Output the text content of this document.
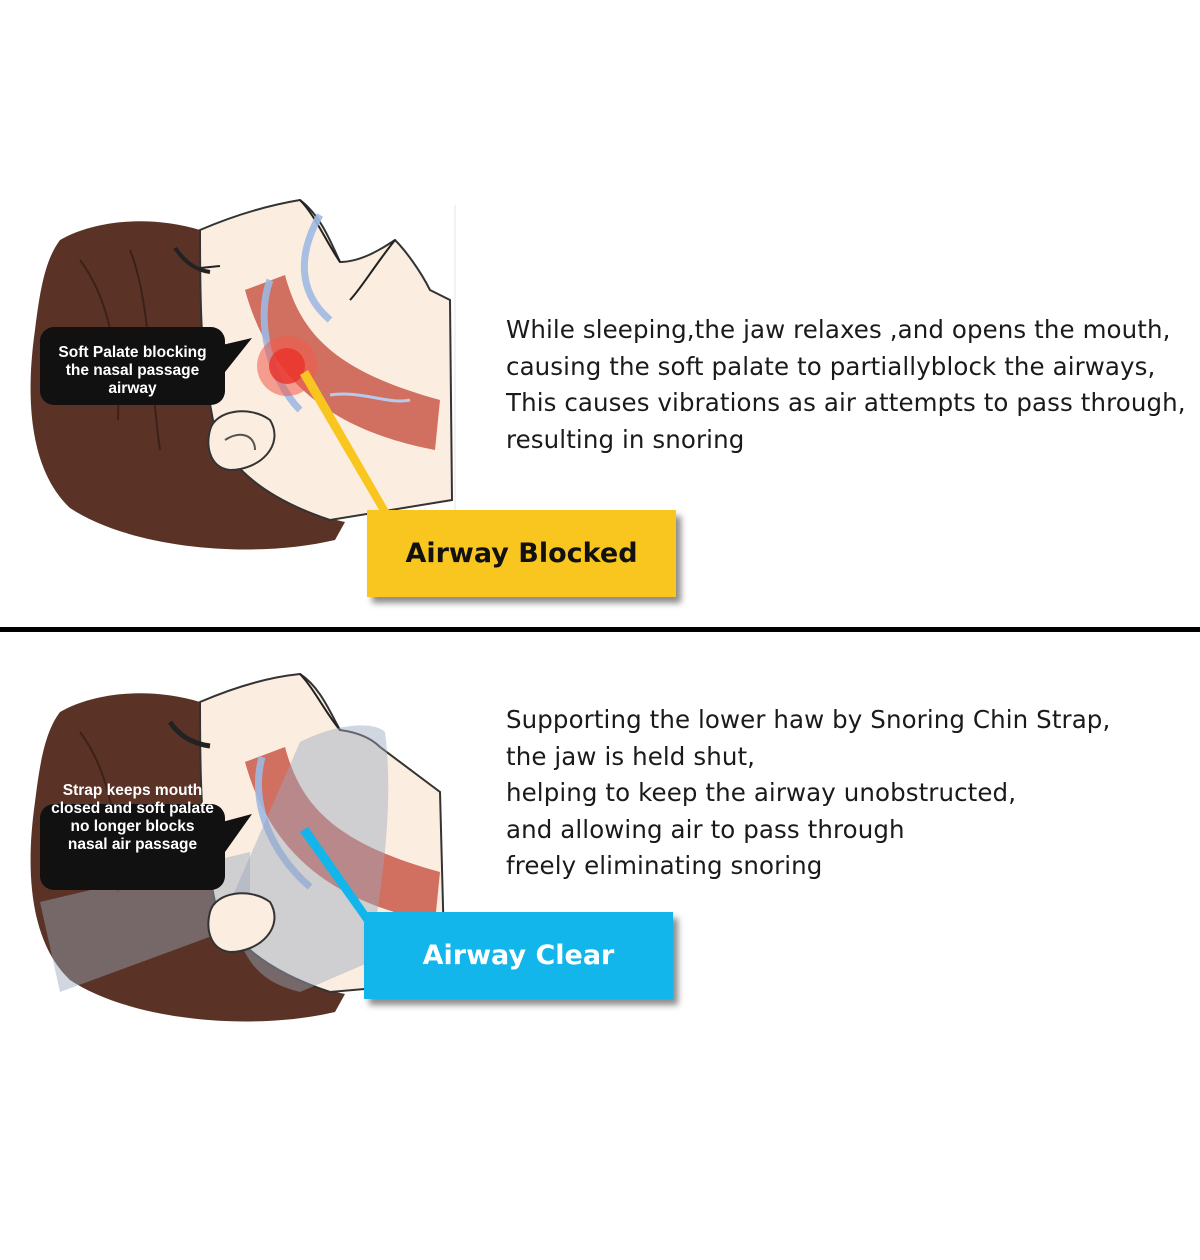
Soft Palate blocking
the nasal passage
airway
Airway Blocked
While sleeping,the jaw relaxes ,and opens the mouth,
causing the soft palate to partiallyblock the airways,
This causes vibrations as air attempts to pass through,
resulting in snoring
Strap keeps mouth
closed and soft palate
no longer blocks
nasal air passage
Airway Clear
Supporting the lower haw by Snoring Chin Strap,
the jaw is held shut,
helping to keep the airway unobstructed,
and allowing air to pass through
freely eliminating snoring
